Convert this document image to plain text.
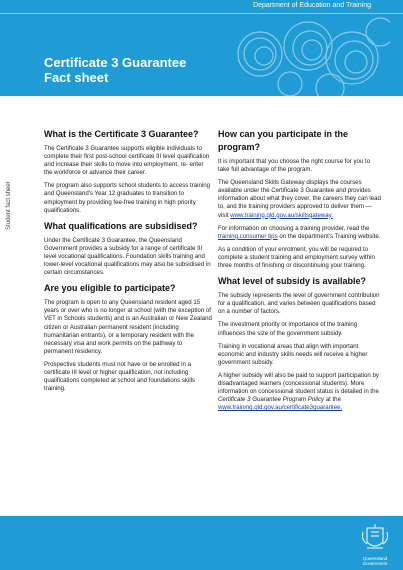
Department of Education and Training
Certificate 3 Guarantee
Fact sheet
Student fact sheet
What is the Certificate 3 Guarantee?

The Certificate 3 Guarantee supports eligible individuals to complete their first post-school certificate III level qualification and increase their skills to move into employment, re- enter the workforce or advance their career.

The program also supports school students to access training and Queensland's Year 12 graduates to transition to employment by providing fee-free training in high priority qualifications.

What qualifications are subsidised?

Under the Certificate 3 Guarantee, the Queensland Government provides a subsidy for a range of certificate III level vocational qualifications. Foundation skills training and lower-level vocational qualifications may also be subsidised in certain circumstances.

Are you eligible to participate?

The program is open to any Queensland resident aged 15 years or over who is no longer at school (with the exception of VET in Schools students) and is an Australian or New Zealand citizen or Australian permanent resident (including humanitarian entrants), or a temporary resident with the necessary visa and work permits on the pathway to permanent residency.

Prospective students must not have or be enrolled in a certificate III level or higher qualification, not including qualifications completed at school and foundations skills training.

How can you participate in the program?

It is important that you choose the right course for you to take full advantage of the program.

The Queensland Skills Gateway displays the courses available under the Certificate 3 Guarantee and provides information about what they cover, the careers they can lead to, and the training providers approved to deliver them — visit www.training.qld.gov.au/skillsgateway.

For information on choosing a training provider, read the training.consumer tips on the department's Training website.

As a condition of your enrolment, you will be required to complete a student training and employment survey within three months of finishing or discontinuing your training.

What level of subsidy is available?

The subsidy represents the level of government contribution for a qualification, and varies between qualifications based on a number of factors.

The investment priority or importance of the training influences the size of the government subsidy.

Training in vocational areas that align with important economic and industry skills needs will receive a higher government subsidy.

A higher subsidy will also be paid to support participation by disadvantaged learners (concessional students). More information on concessional student status is detailed in the Certificate 3 Guarantee Program Policy at the www.training.qld.gov.au/certificate3guarantee.

Queensland Government
